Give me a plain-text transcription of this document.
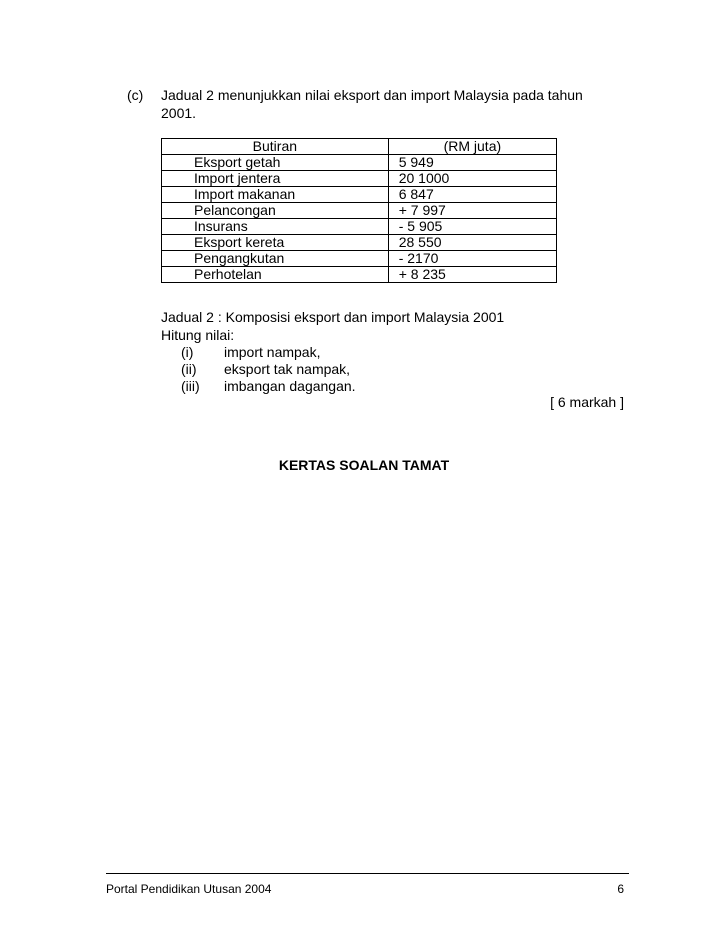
(c) Jadual 2 menunjukkan nilai eksport dan import Malaysia pada tahun
2001.
Butiran	(RM juta)
Eksport getah	5 949
Import jentera	20 1000
Import makanan	6 847
Pelancongan	+ 7 997
Insurans	- 5 905
Eksport kereta	28 550
Pengangkutan	- 2170
Perhotelan	+ 8 235
Jadual 2 : Komposisi eksport dan import Malaysia 2001
Hitung nilai:
(i) import nampak,
(ii) eksport tak nampak,
(iii) imbangan dagangan.
[ 6 markah ]
KERTAS SOALAN TAMAT
Portal Pendidikan Utusan 2004	6
